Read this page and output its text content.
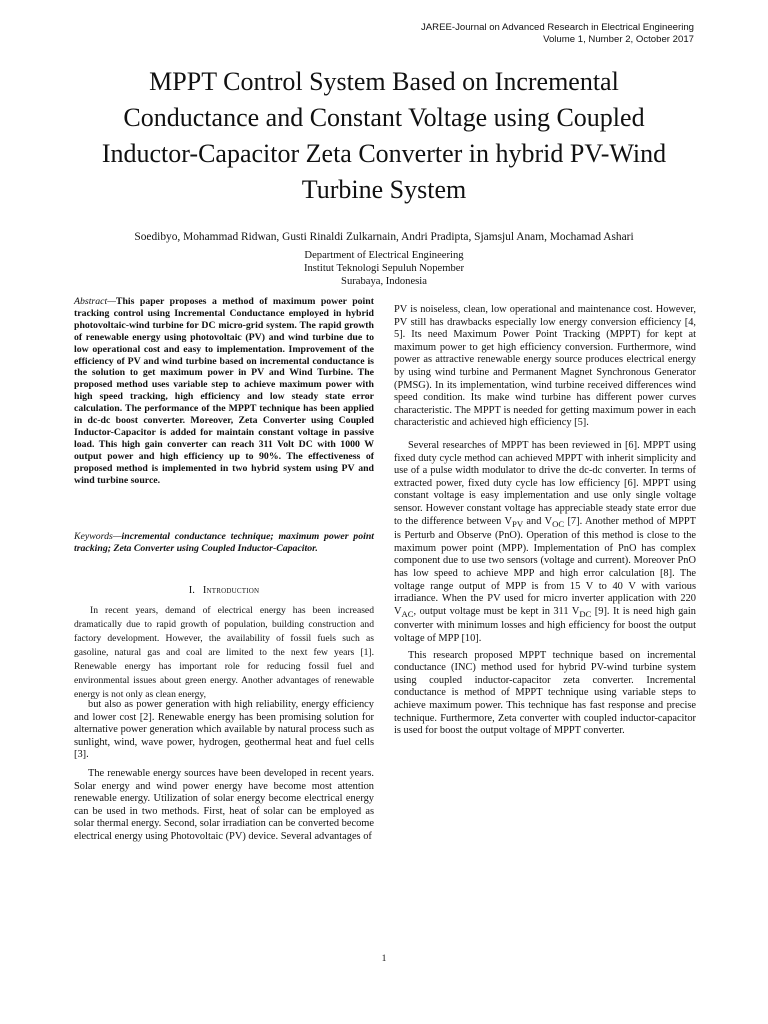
JAREE-Journal on Advanced Research in Electrical Engineering
Volume 1, Number 2, October 2017
MPPT Control System Based on Incremental Conductance and Constant Voltage using Coupled Inductor-Capacitor Zeta Converter in hybrid PV-Wind Turbine System
Soedibyo, Mohammad Ridwan, Gusti Rinaldi Zulkarnain, Andri Pradipta, Sjamsjul Anam, Mochamad Ashari
Department of Electrical Engineering
Institut Teknologi Sepuluh Nopember
Surabaya, Indonesia

Abstract—This paper proposes a method of maximum power point tracking control using Incremental Conductance employed in hybrid photovoltaic-wind turbine for DC micro-grid system. The rapid growth of renewable energy using photovoltaic (PV) and wind turbine due to low operational cost and easy to implementation. Improvement of the efficiency of PV and wind turbine based on incremental conductance is the solution to get maximum power in PV and Wind Turbine. The proposed method uses variable step to achieve maximum power with high speed tracking, high efficiency and low steady state error calculation. The performance of the MPPT technique has been applied in dc-dc boost converter. Moreover, Zeta Converter using Coupled Inductor-Capacitor is added for maintain constant voltage in passive load. This high gain converter can reach 311 Volt DC with 1000 W output power and high efficiency up to 90%. The effectiveness of proposed method is implemented in two hybrid system using PV and wind turbine source.

Keywords—incremental conductance technique; maximum power point tracking; Zeta Converter using Coupled Inductor-Capacitor.

I. Introduction

In recent years, demand of electrical energy has been increased dramatically due to rapid growth of population, building construction and factory development. However, the availability of fossil fuels such as gasoline, natural gas and coal are limited to the next few years [1]. Renewable energy has important role for reducing fossil fuel and environmental issues about green energy. Another advantages of renewable energy is not only as clean energy,

but also as power generation with high reliability, energy efficiency and lower cost [2]. Renewable energy has been promising solution for alternative power generation which available by natural process such as sunlight, wind, wave power, hydrogen, geothermal heat and fuel cells [3].

The renewable energy sources have been developed in recent years. Solar energy and wind power energy have become most attention renewable energy. Utilization of solar energy become electrical energy can be used in two methods. First, heat of solar can be employed as solar thermal energy. Second, solar irradiation can be converted become electrical energy using Photovoltaic (PV) device. Several advantages of

PV is noiseless, clean, low operational and maintenance cost. However, PV still has drawbacks especially low energy conversion efficiency [4, 5]. Its need Maximum Power Point Tracking (MPPT) for kept at maximum power to get high efficiency conversion. Furthermore, wind power as attractive renewable energy source produces electrical energy by using wind turbine and Permanent Magnet Synchronous Generator (PMSG). In its implementation, wind turbine received differences wind speed condition. Its make wind turbine has different power curves characteristic. The MPPT is needed for getting maximum power in each characteristic and achieved high efficiency [5].

Several researches of MPPT has been reviewed in [6]. MPPT using fixed duty cycle method can achieved MPPT with inherit simplicity and use of a pulse width modulator to drive the dc-dc converter. In terms of extracted power, fixed duty cycle has low efficiency [6]. MPPT using constant voltage is easy implementation and use only single voltage sensor. However constant voltage has appreciable steady state error due to the difference between $V_{PV}$ and $V_{OC}$ [7]. Another method of MPPT is Perturb and Observe (PnO). Operation of this method is close to the maximum power point (MPP). Implementation of PnO has complex component due to use two sensors (voltage and current). Moreover PnO has low speed to achieve MPP and high error calculation [8]. The voltage range output of MPP is from 15 V to 40 V with various irradiance. When the PV used for micro inverter application with 220 $V_{AC}$, output voltage must be kept in 311 $V_{DC}$ [9]. It is need high gain converter with minimum losses and high efficiency for boost the output voltage of MPP [10].

This research proposed MPPT technique based on incremental conductance (INC) method used for hybrid PV-wind turbine system using coupled inductor-capacitor zeta converter. Incremental conductance is method of MPPT technique using variable steps to achieve maximum power. This technique has fast response and precise technique. Furthermore, Zeta converter with coupled inductor-capacitor is used for boost the output voltage of MPPT converter.

1
